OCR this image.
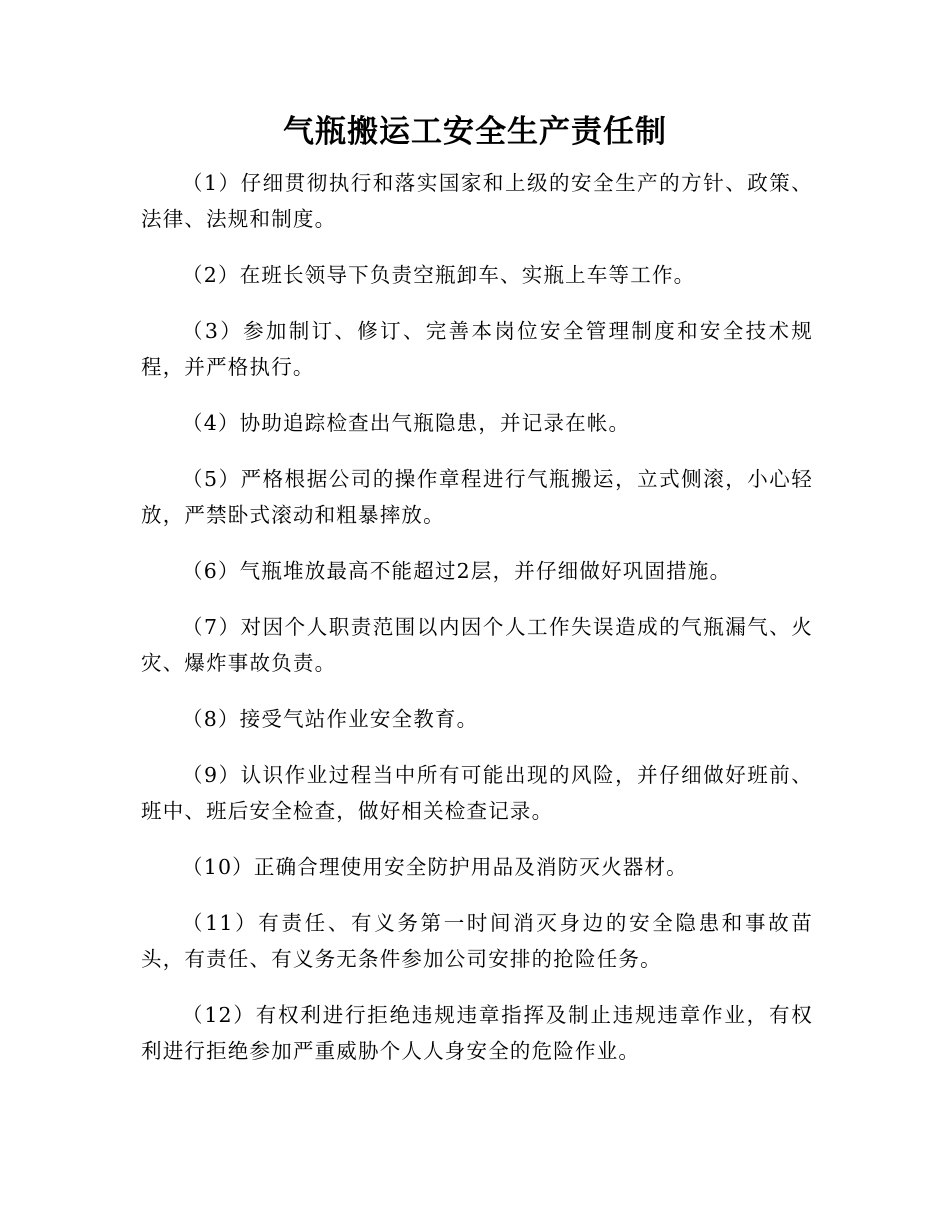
气瓶搬运工安全生产责任制

（1）仔细贯彻执行和落实国家和上级的安全生产的方针、政策、法律、法规和制度。

（2）在班长领导下负责空瓶卸车、实瓶上车等工作。

（3）参加制订、修订、完善本岗位安全管理制度和安全技术规程，并严格执行。

（4）协助追踪检查出气瓶隐患，并记录在帐。

（5）严格根据公司的操作章程进行气瓶搬运，立式侧滚，小心轻放，严禁卧式滚动和粗暴摔放。

（6）气瓶堆放最高不能超过2层，并仔细做好巩固措施。

（7）对因个人职责范围以内因个人工作失误造成的气瓶漏气、火灾、爆炸事故负责。

（8）接受气站作业安全教育。

（9）认识作业过程当中所有可能出现的风险，并仔细做好班前、班中、班后安全检查，做好相关检查记录。

（10）正确合理使用安全防护用品及消防灭火器材。

（11）有责任、有义务第一时间消灭身边的安全隐患和事故苗头，有责任、有义务无条件参加公司安排的抢险任务。

（12）有权利进行拒绝违规违章指挥及制止违规违章作业，有权利进行拒绝参加严重威胁个人人身安全的危险作业。
